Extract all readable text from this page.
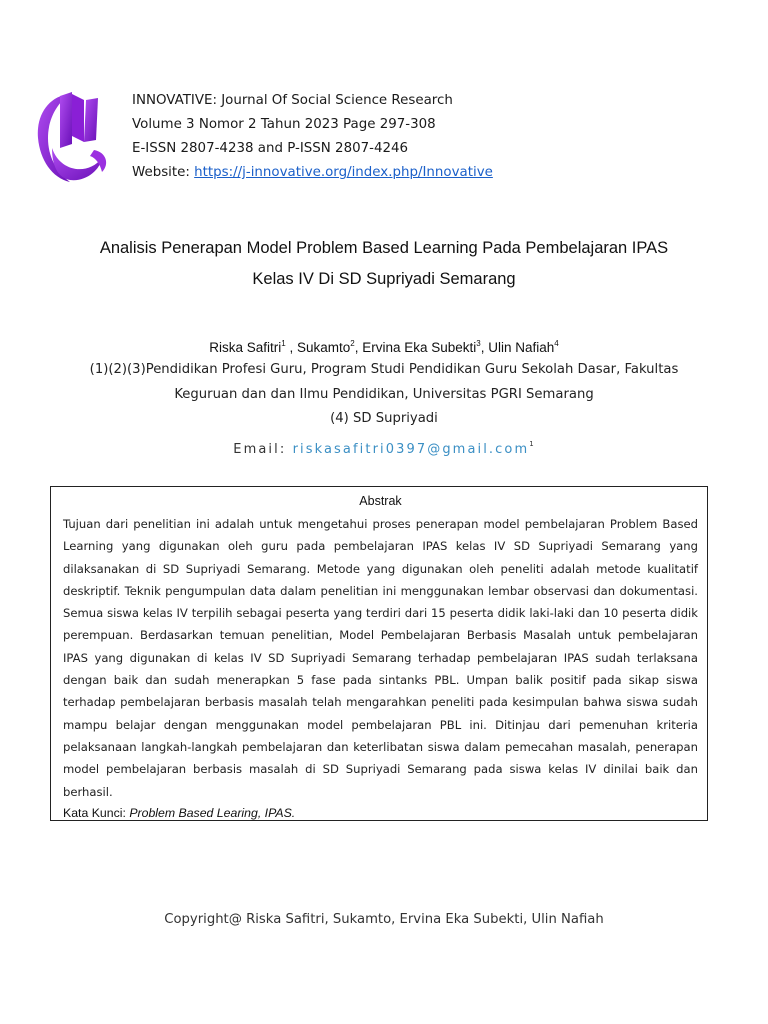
INNOVATIVE: Journal Of Social Science Research
Volume 3 Nomor 2 Tahun 2023 Page 297-308
E-ISSN 2807-4238 and P-ISSN 2807-4246
Website: https://j-innovative.org/index.php/Innovative
Analisis Penerapan Model Problem Based Learning Pada Pembelajaran IPAS
Kelas IV Di SD Supriyadi Semarang
Riska Safitri$^1$ , Sukamto$^2$, Ervina Eka Subekti$^3$, Ulin Nafiah$^4$
(1)(2)(3)Pendidikan Profesi Guru, Program Studi Pendidikan Guru Sekolah Dasar, Fakultas
Keguruan dan dan Ilmu Pendidikan, Universitas PGRI Semarang
(4) SD Supriyadi
Email: riskasafitri0397@gmail.com$^1$
Abstrak

Tujuan dari penelitian ini adalah untuk mengetahui proses penerapan model pembelajaran Problem Based Learning yang digunakan oleh guru pada pembelajaran IPAS kelas IV SD Supriyadi Semarang yang dilaksanakan di SD Supriyadi Semarang. Metode yang digunakan oleh peneliti adalah metode kualitatif deskriptif. Teknik pengumpulan data dalam penelitian ini menggunakan lembar observasi dan dokumentasi. Semua siswa kelas IV terpilih sebagai peserta yang terdiri dari 15 peserta didik laki-laki dan 10 peserta didik perempuan. Berdasarkan temuan penelitian, Model Pembelajaran Berbasis Masalah untuk pembelajaran IPAS yang digunakan di kelas IV SD Supriyadi Semarang terhadap pembelajaran IPAS sudah terlaksana dengan baik dan sudah menerapkan 5 fase pada sintanks PBL. Umpan balik positif pada sikap siswa terhadap pembelajaran berbasis masalah telah mengarahkan peneliti pada kesimpulan bahwa siswa sudah mampu belajar dengan menggunakan model pembelajaran PBL ini. Ditinjau dari pemenuhan kriteria pelaksanaan langkah-langkah pembelajaran dan keterlibatan siswa dalam pemecahan masalah, penerapan model pembelajaran berbasis masalah di SD Supriyadi Semarang pada siswa kelas IV dinilai baik dan berhasil.

Kata Kunci: Problem Based Learing, IPAS.
Copyright@ Riska Safitri, Sukamto, Ervina Eka Subekti, Ulin Nafiah
